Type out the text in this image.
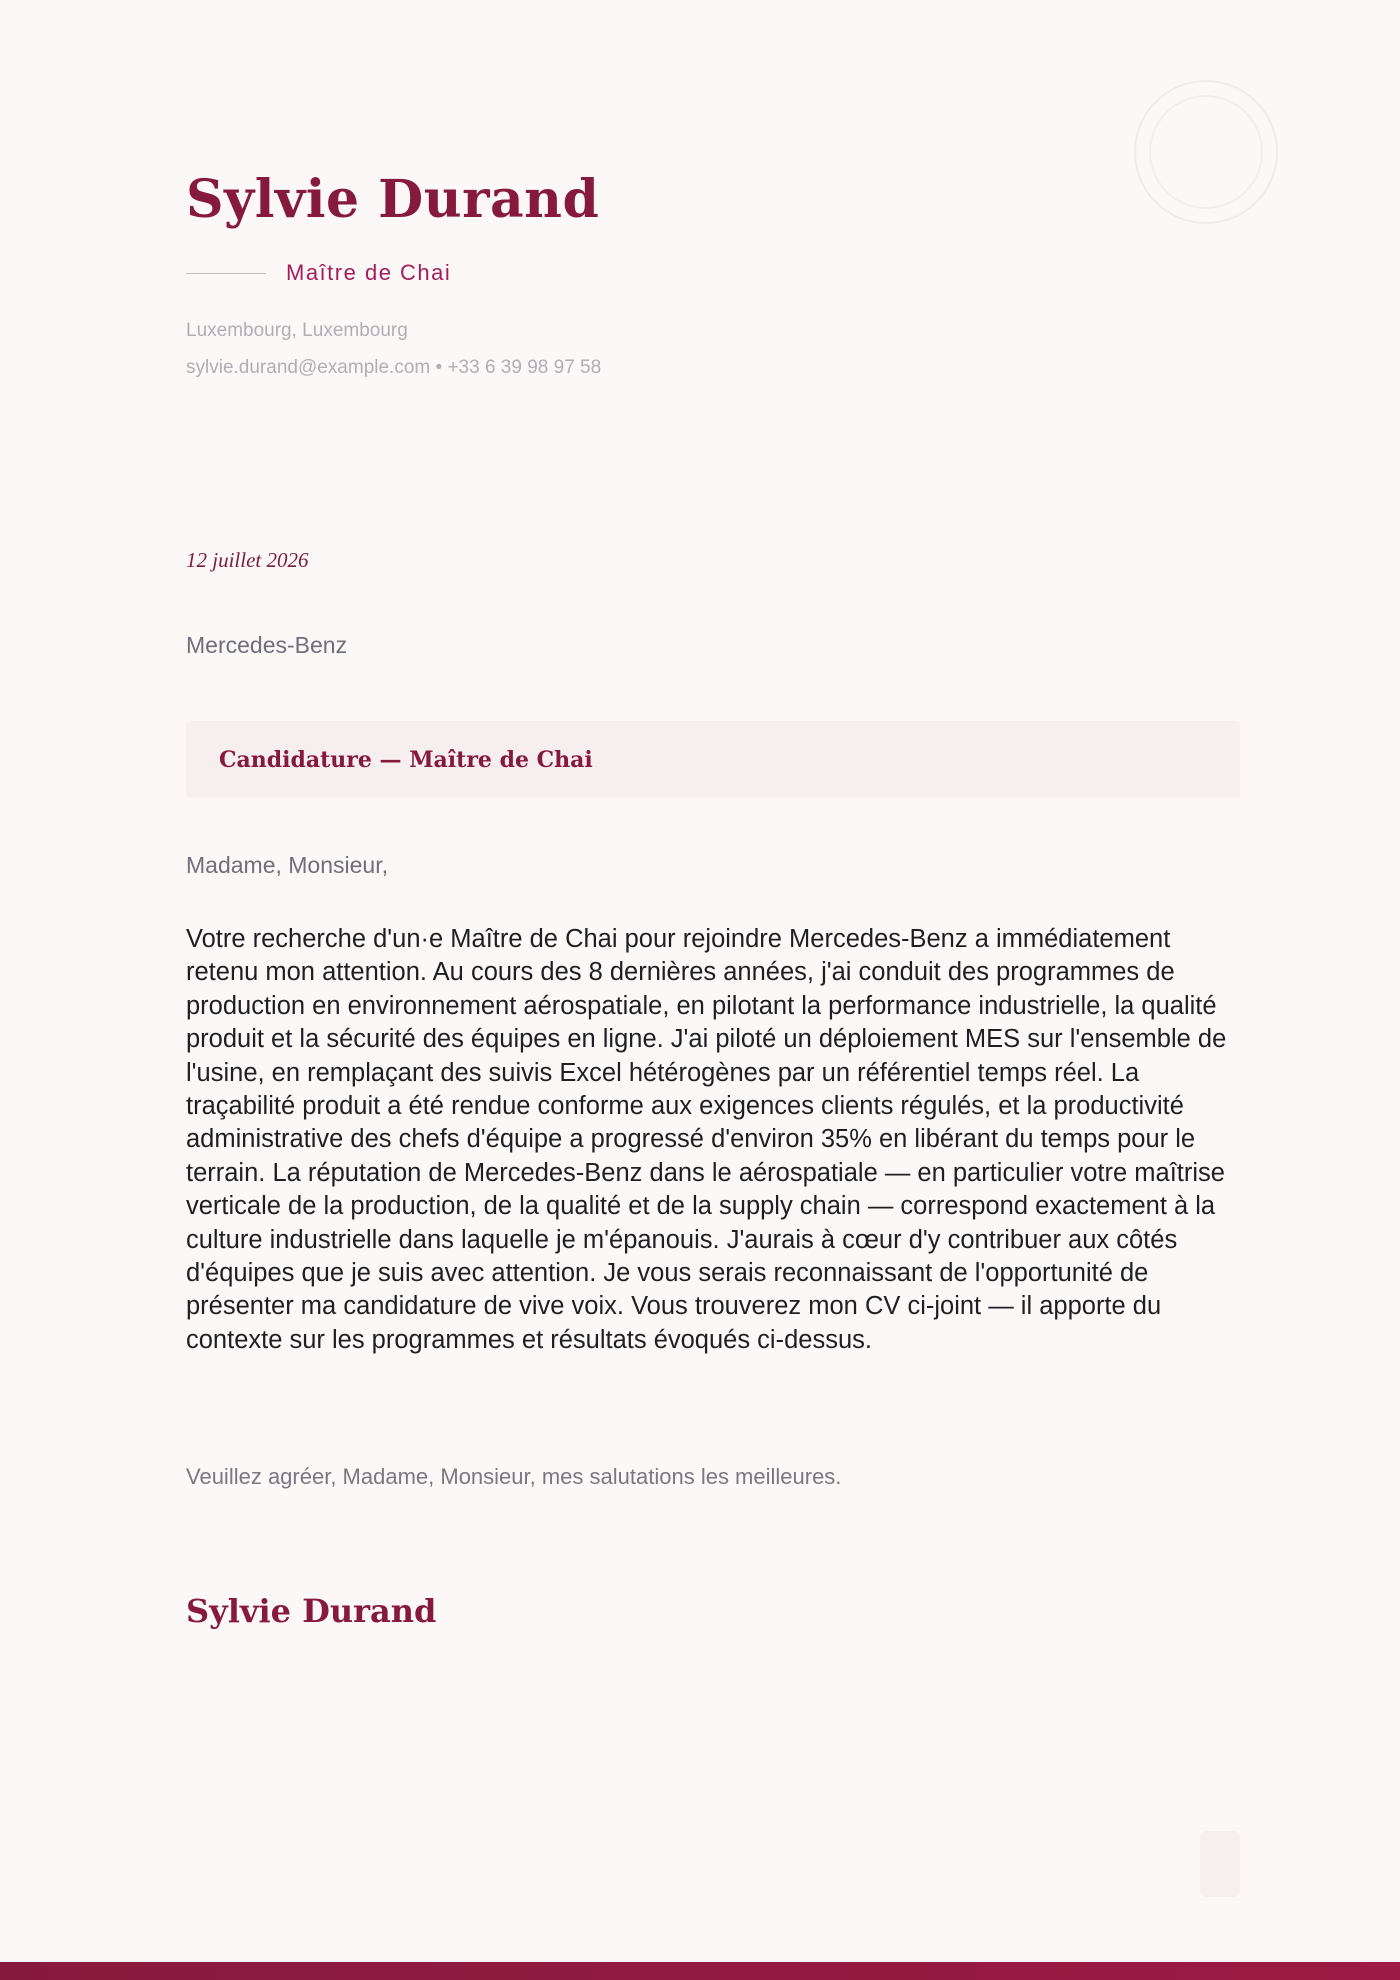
Sylvie Durand
Maître de Chai
Luxembourg, Luxembourg
sylvie.durand@example.com • +33 6 39 98 97 58
12 juillet 2026
Mercedes-Benz
Candidature — Maître de Chai
Madame, Monsieur,

Votre recherche d'un·e Maître de Chai pour rejoindre Mercedes-Benz a immédiatement retenu mon attention. Au cours des 8 dernières années, j'ai conduit des programmes de production en environnement aérospatiale, en pilotant la performance industrielle, la qualité produit et la sécurité des équipes en ligne. J'ai piloté un déploiement MES sur l'ensemble de l'usine, en remplaçant des suivis Excel hétérogènes par un référentiel temps réel. La traçabilité produit a été rendue conforme aux exigences clients régulés, et la productivité administrative des chefs d'équipe a progressé d'environ 35% en libérant du temps pour le terrain. La réputation de Mercedes-Benz dans le aérospatiale — en particulier votre maîtrise verticale de la production, de la qualité et de la supply chain — correspond exactement à la culture industrielle dans laquelle je m'épanouis. J'aurais à cœur d'y contribuer aux côtés d'équipes que je suis avec attention. Je vous serais reconnaissant de l'opportunité de présenter ma candidature de vive voix. Vous trouverez mon CV ci-joint — il apporte du contexte sur les programmes et résultats évoqués ci-dessus.

Veuillez agréer, Madame, Monsieur, mes salutations les meilleures.
Sylvie Durand
